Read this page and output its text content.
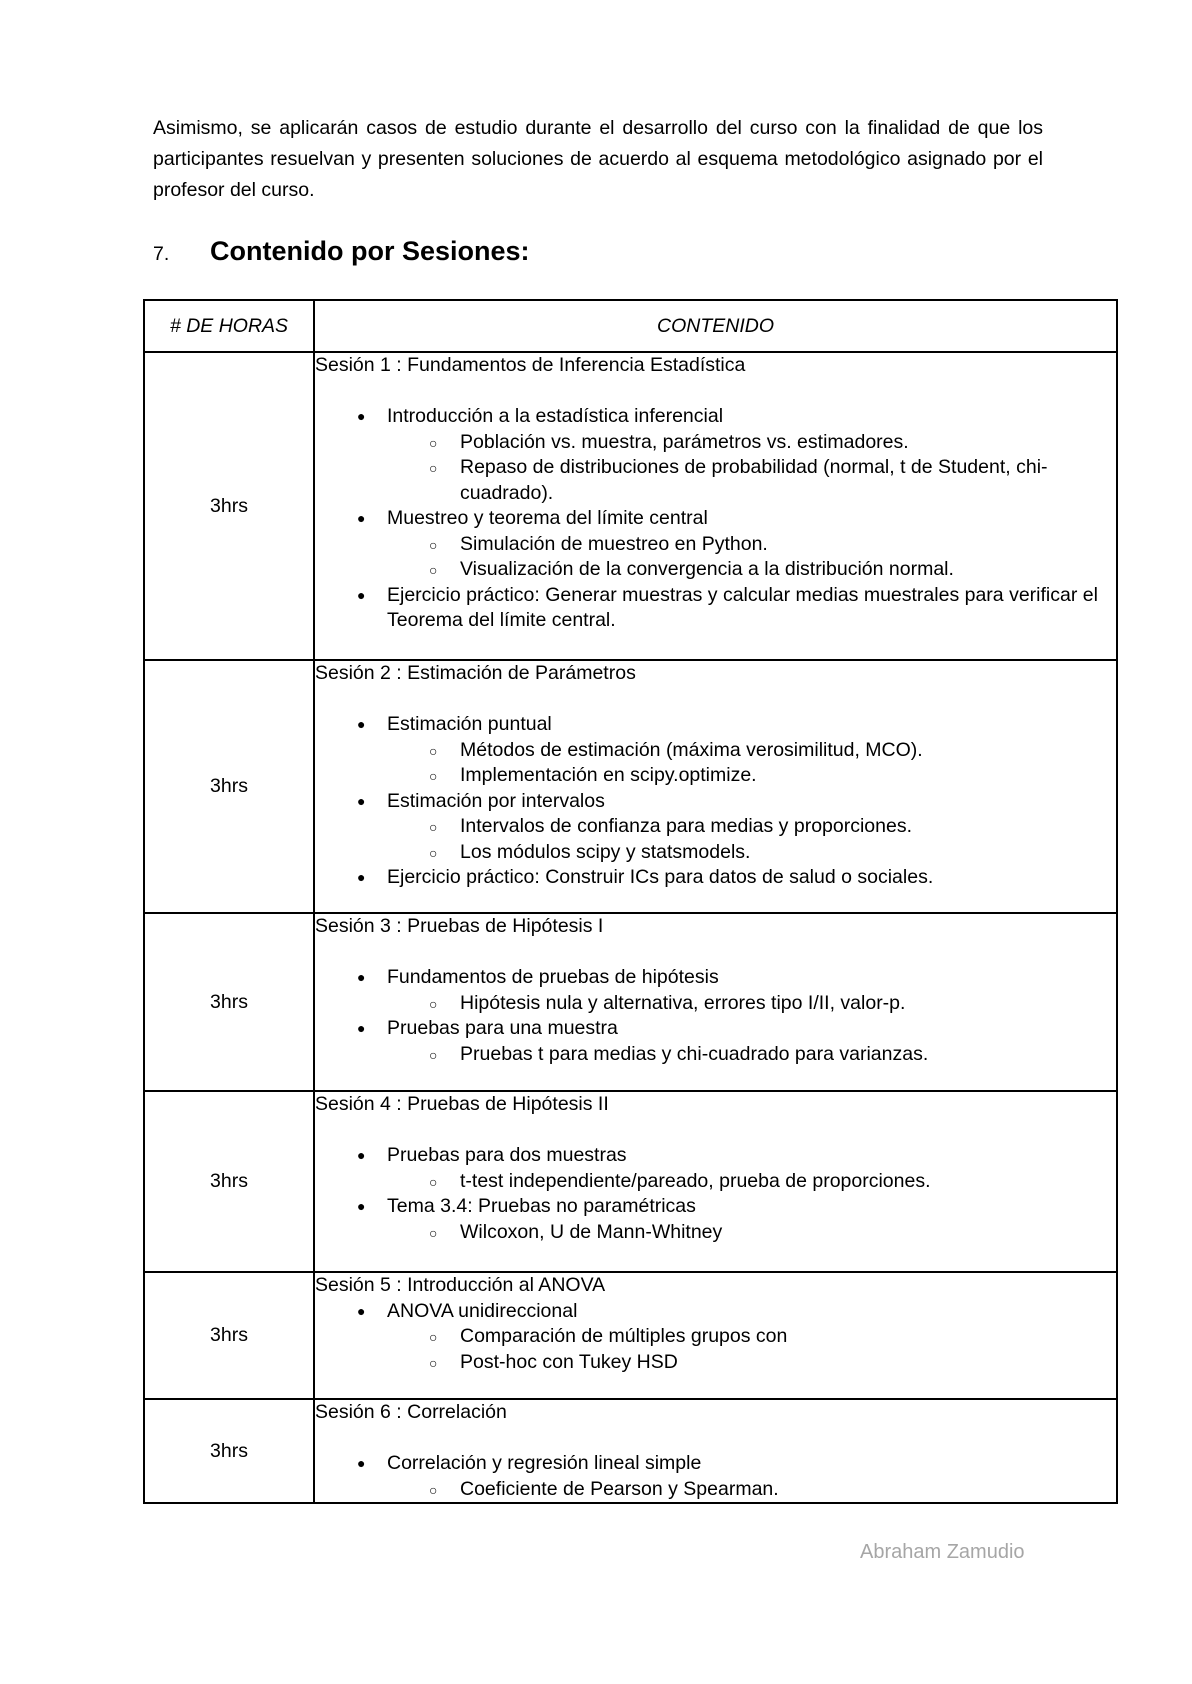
Asimismo, se aplicarán casos de estudio durante el desarrollo del curso con la finalidad de que los participantes resuelvan y presenten soluciones de acuerdo al esquema metodológico asignado por el profesor del curso.

7. Contenido por Sesiones:
# DE HORAS	CONTENIDO
3hrs	
Sesión 1 : Fundamentos de Inferencia Estadística
● Introducción a la estadística inferencial
○ Población vs. muestra, parámetros vs. estimadores.
○ Repaso de distribuciones de probabilidad (normal, t de Student, chi-cuadrado).
● Muestreo y teorema del límite central
○ Simulación de muestreo en Python.
○ Visualización de la convergencia a la distribución normal.
● Ejercicio práctico: Generar muestras y calcular medias muestrales para verificar el Teorema del límite central.

3hrs	
Sesión 2 : Estimación de Parámetros
● Estimación puntual
○ Métodos de estimación (máxima verosimilitud, MCO).
○ Implementación en scipy.optimize.
● Estimación por intervalos
○ Intervalos de confianza para medias y proporciones.
○ Los módulos scipy y statsmodels.
● Ejercicio práctico: Construir ICs para datos de salud o sociales.

3hrs	
Sesión 3 : Pruebas de Hipótesis I
● Fundamentos de pruebas de hipótesis
○ Hipótesis nula y alternativa, errores tipo I/II, valor-p.
● Pruebas para una muestra
○ Pruebas t para medias y chi-cuadrado para varianzas.

3hrs	
Sesión 4 : Pruebas de Hipótesis II
● Pruebas para dos muestras
○ t-test independiente/pareado, prueba de proporciones.
● Tema 3.4: Pruebas no paramétricas
○ Wilcoxon, U de Mann-Whitney

3hrs	
Sesión 5 : Introducción al ANOVA
● ANOVA unidireccional
○ Comparación de múltiples grupos con
○ Post-hoc con Tukey HSD

3hrs	
Sesión 6 : Correlación
● Correlación y regresión lineal simple
○ Coeficiente de Pearson y Spearman.
Abraham Zamudio
